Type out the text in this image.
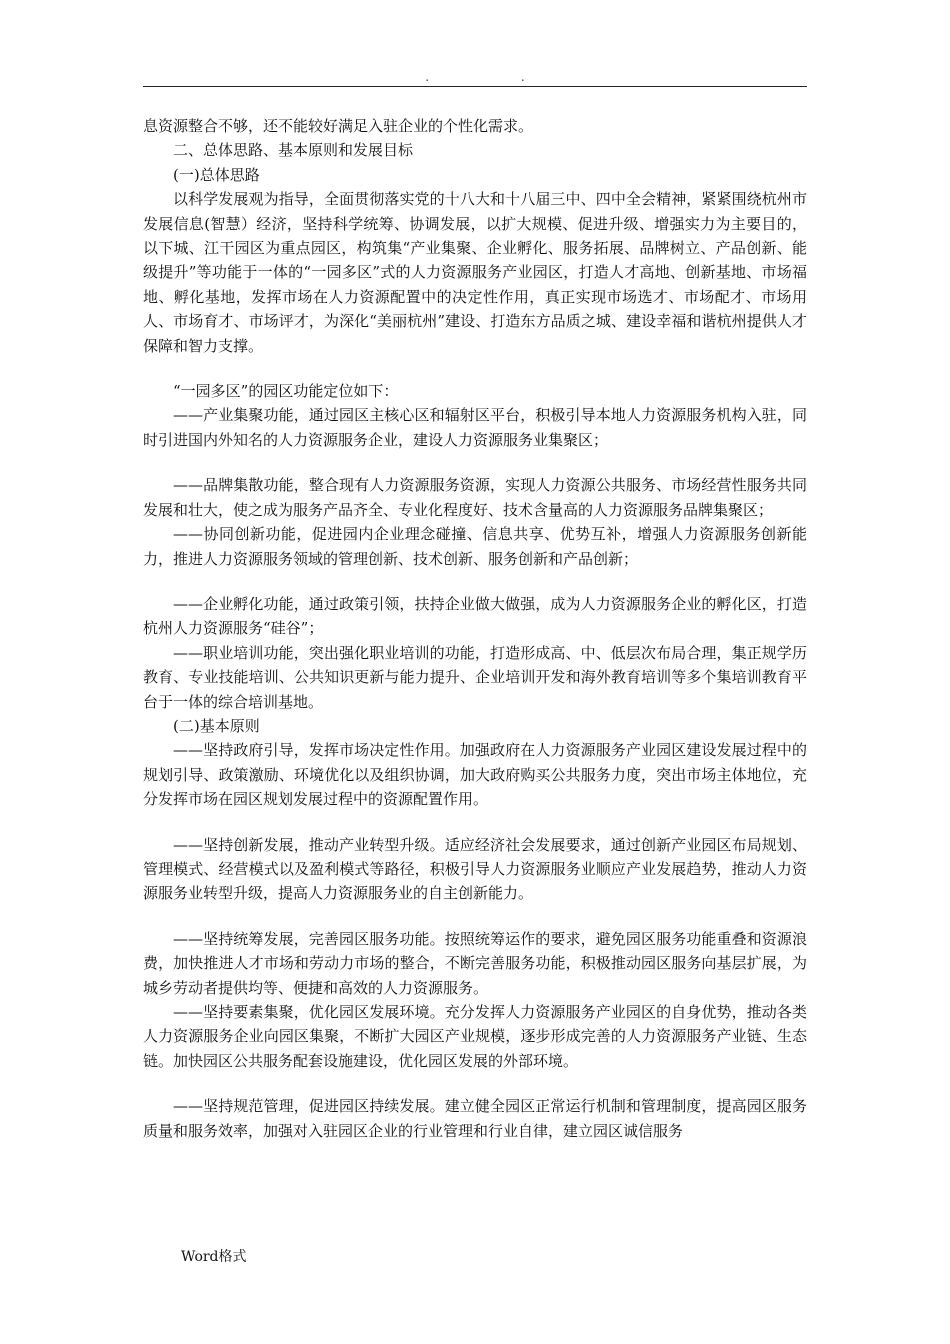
. .

息资源整合不够，还不能较好满足入驻企业的个性化需求。

二、总体思路、基本原则和发展目标

(一)总体思路

以科学发展观为指导，全面贯彻落实党的十八大和十八届三中、四中全会精神，紧紧围绕杭州市发展信息(智慧）经济，坚持科学统筹、协调发展，以扩大规模、促进升级、增强实力为主要目的，以下城、江干园区为重点园区，构筑集“产业集聚、企业孵化、服务拓展、品牌树立、产品创新、能级提升”等功能于一体的“一园多区”式的人力资源服务产业园区，打造人才高地、创新基地、市场福地、孵化基地，发挥市场在人力资源配置中的决定性作用，真正实现市场选才、市场配才、市场用人、市场育才、市场评才，为深化“美丽杭州”建设、打造东方品质之城、建设幸福和谐杭州提供人才保障和智力支撑。

“一园多区”的园区功能定位如下：

——产业集聚功能，通过园区主核心区和辐射区平台，积极引导本地人力资源服务机构入驻，同时引进国内外知名的人力资源服务企业，建设人力资源服务业集聚区；

——品牌集散功能，整合现有人力资源服务资源，实现人力资源公共服务、市场经营性服务共同发展和壮大，使之成为服务产品齐全、专业化程度好、技术含量高的人力资源服务品牌集聚区；

——协同创新功能，促进园内企业理念碰撞、信息共享、优势互补，增强人力资源服务创新能力，推进人力资源服务领域的管理创新、技术创新、服务创新和产品创新；

——企业孵化功能，通过政策引领，扶持企业做大做强，成为人力资源服务企业的孵化区，打造杭州人力资源服务“硅谷”；

——职业培训功能，突出强化职业培训的功能，打造形成高、中、低层次布局合理，集正规学历教育、专业技能培训、公共知识更新与能力提升、企业培训开发和海外教育培训等多个集培训教育平台于一体的综合培训基地。

(二)基本原则

——坚持政府引导，发挥市场决定性作用。加强政府在人力资源服务产业园区建设发展过程中的规划引导、政策激励、环境优化以及组织协调，加大政府购买公共服务力度，突出市场主体地位，充分发挥市场在园区规划发展过程中的资源配置作用。

——坚持创新发展，推动产业转型升级。适应经济社会发展要求，通过创新产业园区布局规划、管理模式、经营模式以及盈利模式等路径，积极引导人力资源服务业顺应产业发展趋势，推动人力资源服务业转型升级，提高人力资源服务业的自主创新能力。

——坚持统筹发展，完善园区服务功能。按照统筹运作的要求，避免园区服务功能重叠和资源浪费，加快推进人才市场和劳动力市场的整合，不断完善服务功能，积极推动园区服务向基层扩展，为城乡劳动者提供均等、便捷和高效的人力资源服务。

——坚持要素集聚，优化园区发展环境。充分发挥人力资源服务产业园区的自身优势，推动各类人力资源服务企业向园区集聚，不断扩大园区产业规模，逐步形成完善的人力资源服务产业链、生态链。加快园区公共服务配套设施建设，优化园区发展的外部环境。

——坚持规范管理，促进园区持续发展。建立健全园区正常运行机制和管理制度，提高园区服务质量和服务效率，加强对入驻园区企业的行业管理和行业自律，建立园区诚信服务

Word格式
